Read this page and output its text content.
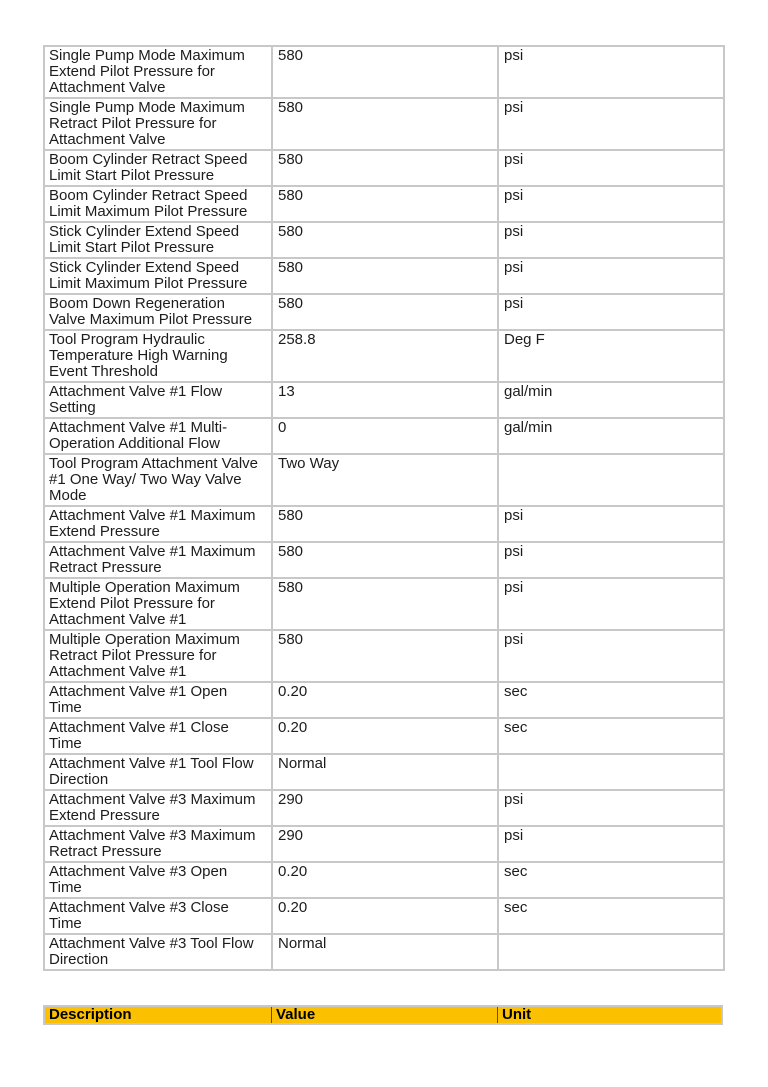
Single Pump Mode Maximum Extend Pilot Pressure for Attachment Valve	580	psi
Single Pump Mode Maximum Retract Pilot Pressure for Attachment Valve	580	psi
Boom Cylinder Retract Speed Limit Start Pilot Pressure	580	psi
Boom Cylinder Retract Speed Limit Maximum Pilot Pressure	580	psi
Stick Cylinder Extend Speed Limit Start Pilot Pressure	580	psi
Stick Cylinder Extend Speed Limit Maximum Pilot Pressure	580	psi
Boom Down Regeneration Valve Maximum Pilot Pressure	580	psi
Tool Program Hydraulic Temperature High Warning Event Threshold	258.8	Deg F
Attachment Valve #1 Flow Setting	13	gal/min
Attachment Valve #1 Multi-Operation Additional Flow	0	gal/min
Tool Program Attachment Valve #1 One Way/ Two Way Valve Mode	Two Way	
Attachment Valve #1 Maximum Extend Pressure	580	psi
Attachment Valve #1 Maximum Retract Pressure	580	psi
Multiple Operation Maximum Extend Pilot Pressure for Attachment Valve #1	580	psi
Multiple Operation Maximum Retract Pilot Pressure for Attachment Valve #1	580	psi
Attachment Valve #1 Open Time	0.20	sec
Attachment Valve #1 Close Time	0.20	sec
Attachment Valve #1 Tool Flow Direction	Normal	
Attachment Valve #3 Maximum Extend Pressure	290	psi
Attachment Valve #3 Maximum Retract Pressure	290	psi
Attachment Valve #3 Open Time	0.20	sec
Attachment Valve #3 Close Time	0.20	sec
Attachment Valve #3 Tool Flow Direction	Normal	
Description	Value	Unit
